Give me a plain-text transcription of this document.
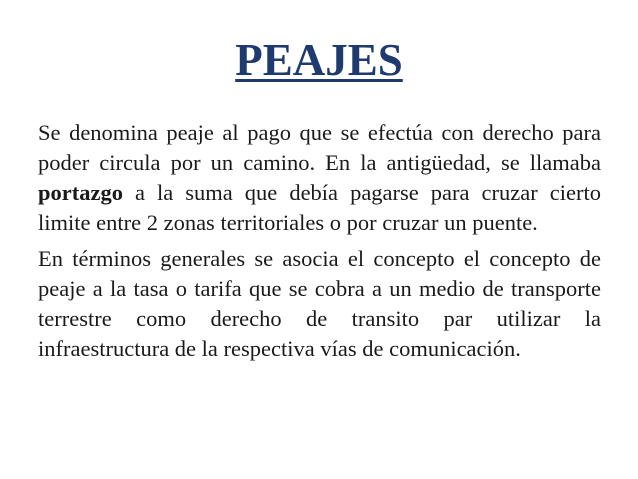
PEAJES

Se denomina peaje al pago que se efectúa con derecho para poder circula por un camino. En la antigüedad, se llamaba portazgo a la suma que debía pagarse para cruzar cierto limite entre 2 zonas territoriales o por cruzar un puente.

En términos generales se asocia el concepto el concepto de peaje a la tasa o tarifa que se cobra a un medio de transporte terrestre como derecho de transito par utilizar la infraestructura de la respectiva vías de comunicación.
